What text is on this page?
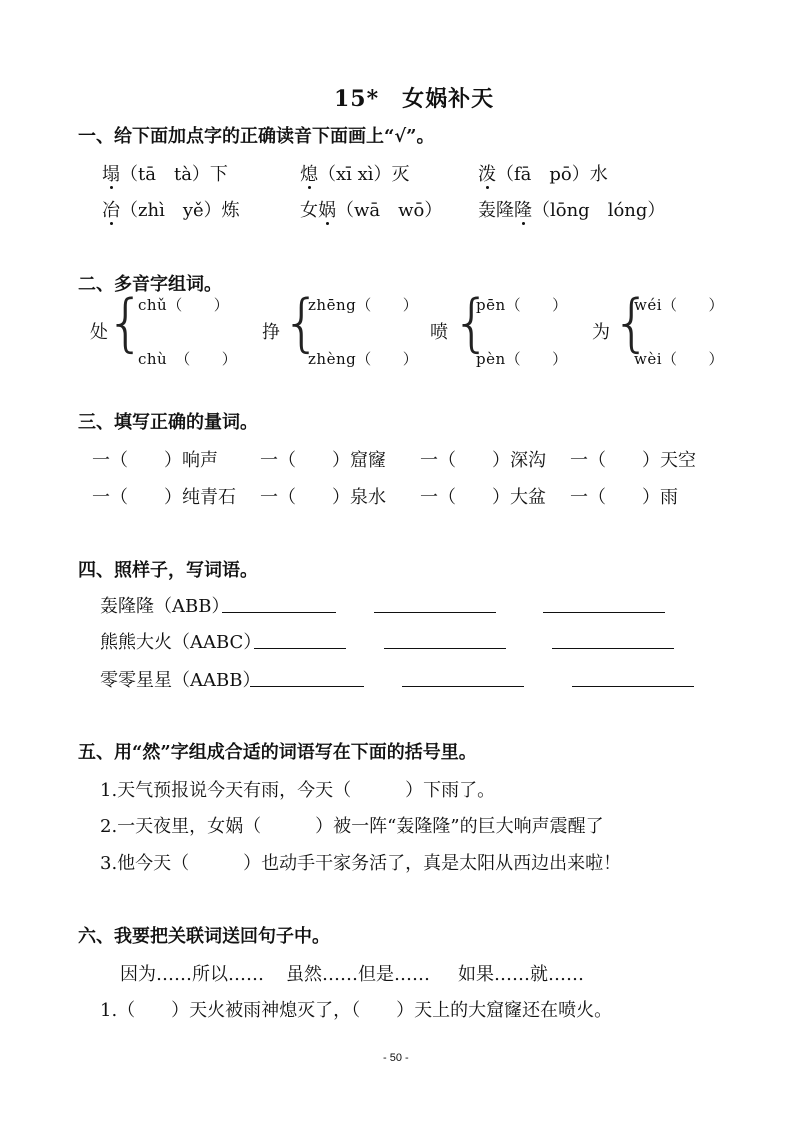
15*　女娲补天
一、给下面加点字的正确读音下面画上“√”。
塌（tā　tà）下	熄（xī xì）灭	泼（fā　pō）水
冶（zhì　yě）炼	女娲（wā　wō） 轰隆隆（lōng　lóng）
二、多音字组词。
处
{
chǔ（　　）
chù　（　　）
挣 {
zhēng（　　）
zhèng（　　）
喷 {
pēn（　　）
pèn（　　）
为 {
wéi（　　）
wèi（　　）
三、填写正确的量词。
一（　　）响声 一（　　）窟窿 一（　　）深沟 一（　　）天空
一（　　）纯青石 一（　　）泉水 一（　　）大盆 一（　　）雨
四、照样子，写词语。
轰隆隆（ABB）
熊熊大火（AABC）
零零星星（AABB）
五、用“然”字组成合适的词语写在下面的括号里。
1.天气预报说今天有雨，今天（　　　）下雨了。
2.一天夜里，女娲（　　　）被一阵“轰隆隆”的巨大响声震醒了
3.他今天（　　　）也动手干家务活了，真是太阳从西边出来啦！
六、我要把关联词送回句子中。
因为……所以…… 虽然……但是…… 如果……就……
1.（　　）天火被雨神熄灭了，（　　）天上的大窟窿还在喷火。
- 50 -
